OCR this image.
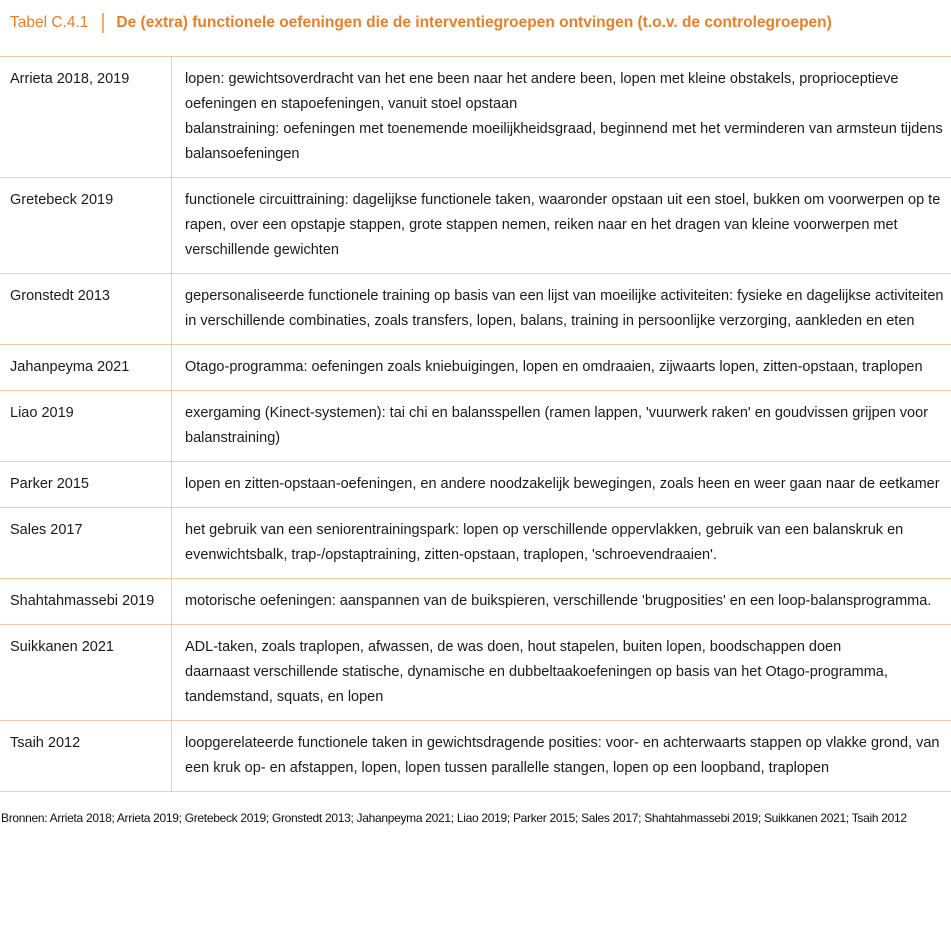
Tabel C.4.1 De (extra) functionele oefeningen die de interventiegroepen ontvingen (t.o.v. de controlegroepen)
Arrieta 2018, 2019	lopen: gewichtsoverdracht van het ene been naar het andere been, lopen met kleine obstakels, proprioceptieve oefeningen en stapoefeningen, vanuit stoel opstaan

balanstraining: oefeningen met toenemende moeilijkheidsgraad, beginnend met het verminderen van armsteun tijdens balansoefeningen

Gretebeck 2019	functionele circuittraining: dagelijkse functionele taken, waaronder opstaan uit een stoel, bukken om voorwerpen op te rapen, over een opstapje stappen, grote stappen nemen, reiken naar en het dragen van kleine voorwerpen met verschillende gewichten

Gronstedt 2013	gepersonaliseerde functionele training op basis van een lijst van moeilijke activiteiten: fysieke en dagelijkse activiteiten in verschillende combinaties, zoals transfers, lopen, balans, training in persoonlijke verzorging, aankleden en eten

Jahanpeyma 2021	Otago-programma: oefeningen zoals kniebuigingen, lopen en omdraaien, zijwaarts lopen, zitten-opstaan, traplopen

Liao 2019	exergaming (Kinect-systemen): tai chi en balansspellen (ramen lappen, 'vuurwerk raken' en goudvissen grijpen voor balanstraining)

Parker 2015	lopen en zitten-opstaan-oefeningen, en andere noodzakelijk bewegingen, zoals heen en weer gaan naar de eetkamer

Sales 2017	het gebruik van een seniorentrainingspark: lopen op verschillende oppervlakken, gebruik van een balanskruk en evenwichtsbalk, trap-/opstaptraining, zitten-opstaan, traplopen, 'schroevendraaien'.

Shahtahmassebi 2019	motorische oefeningen: aanspannen van de buikspieren, verschillende 'brugposities' en een loop-balansprogramma.

Suikkanen 2021	ADL-taken, zoals traplopen, afwassen, de was doen, hout stapelen, buiten lopen, boodschappen doen

daarnaast verschillende statische, dynamische en dubbeltaakoefeningen op basis van het Otago-programma, tandemstand, squats, en lopen

Tsaih 2012	loopgerelateerde functionele taken in gewichtsdragende posities: voor- en achterwaarts stappen op vlakke grond, van een kruk op- en afstappen, lopen, lopen tussen parallelle stangen, lopen op een loopband, traplopen

Bronnen: Arrieta 2018; Arrieta 2019; Gretebeck 2019; Gronstedt 2013; Jahanpeyma 2021; Liao 2019; Parker 2015; Sales 2017; Shahtahmassebi 2019; Suikkanen 2021; Tsaih 2012
